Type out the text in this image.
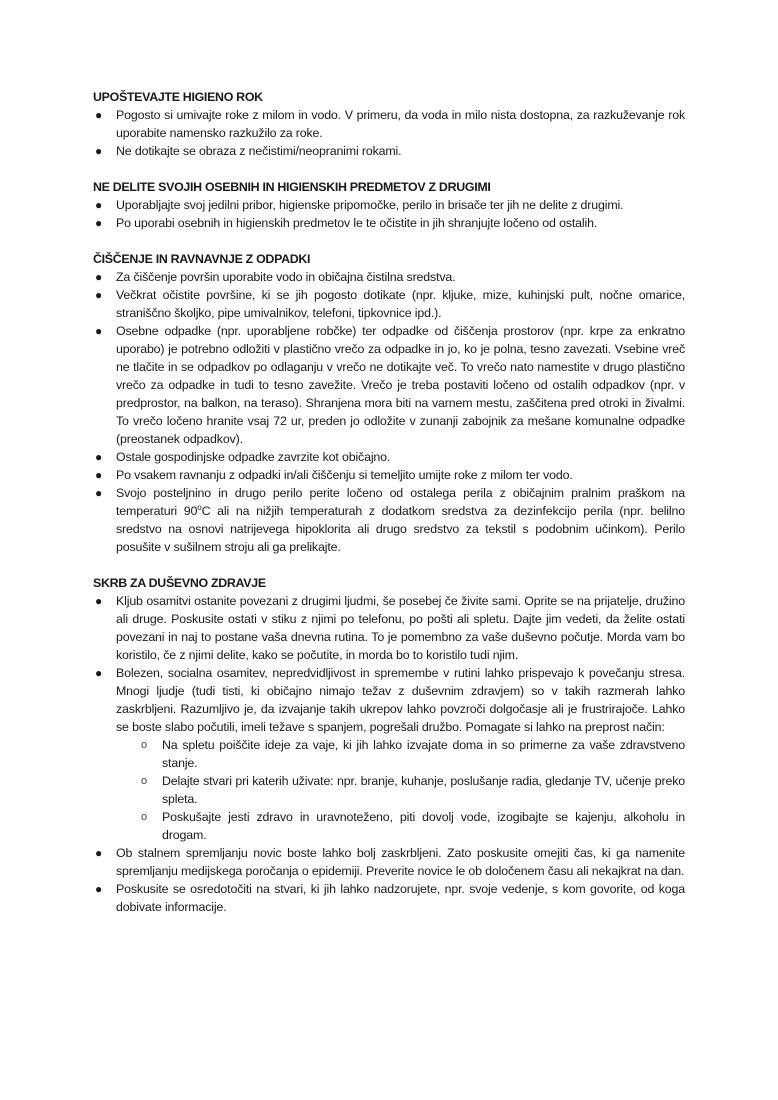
UPOŠTEVAJTE HIGIENO ROK

● Pogosto si umivajte roke z milom in vodo. V primeru, da voda in milo nista dostopna, za razkuževanje rok uporabite namensko razkužilo za roke.
● Ne dotikajte se obraza z nečistimi/neopranimi rokami.

NE DELITE SVOJIH OSEBNIH IN HIGIENSKIH PREDMETOV Z DRUGIMI

● Uporabljajte svoj jedilni pribor, higienske pripomočke, perilo in brisače ter jih ne delite z drugimi.
● Po uporabi osebnih in higienskih predmetov le te očistite in jih shranjujte ločeno od ostalih.

ČIŠČENJE IN RAVNAVNJE Z ODPADKI

● Za čiščenje površin uporabite vodo in običajna čistilna sredstva.
● Večkrat očistite površine, ki se jih pogosto dotikate (npr. kljuke, mize, kuhinjski pult, nočne omarice, straniščno školjko, pipe umivalnikov, telefoni, tipkovnice ipd.).
● Osebne odpadke (npr. uporabljene robčke) ter odpadke od čiščenja prostorov (npr. krpe za enkratno uporabo) je potrebno odložiti v plastično vrečo za odpadke in jo, ko je polna, tesno zavezati. Vsebine vreč ne tlačite in se odpadkov po odlaganju v vrečo ne dotikajte več. To vrečo nato namestite v drugo plastično vrečo za odpadke in tudi to tesno zavežite. Vrečo je treba postaviti ločeno od ostalih odpadkov (npr. v predprostor, na balkon, na teraso). Shranjena mora biti na varnem mestu, zaščitena pred otroki in živalmi. To vrečo ločeno hranite vsaj 72 ur, preden jo odložite v zunanji zabojnik za mešane komunalne odpadke (preostanek odpadkov).
● Ostale gospodinjske odpadke zavrzite kot običajno.
● Po vsakem ravnanju z odpadki in/ali čiščenju si temeljito umijte roke z milom ter vodo.
● Svojo posteljnino in drugo perilo perite ločeno od ostalega perila z običajnim pralnim praškom na temperaturi 90$^o$C ali na nižjih temperaturah z dodatkom sredstva za dezinfekcijo perila (npr. belilno sredstvo na osnovi natrijevega hipoklorita ali drugo sredstvo za tekstil s podobnim učinkom). Perilo posušite v sušilnem stroju ali ga prelikajte.

SKRB ZA DUŠEVNO ZDRAVJE

● Kljub osamitvi ostanite povezani z drugimi ljudmi, še posebej če živite sami. Oprite se na prijatelje, družino ali druge. Poskusite ostati v stiku z njimi po telefonu, po pošti ali spletu. Dajte jim vedeti, da želite ostati povezani in naj to postane vaša dnevna rutina. To je pomembno za vaše duševno počutje. Morda vam bo koristilo, če z njimi delite, kako se počutite, in morda bo to koristilo tudi njim.
● Bolezen, socialna osamitev, nepredvidljivost in spremembe v rutini lahko prispevajo k povečanju stresa. Mnogi ljudje (tudi tisti, ki običajno nimajo težav z duševnim zdravjem) so v takih razmerah lahko zaskrbljeni. Razumljivo je, da izvajanje takih ukrepov lahko povzroči dolgočasje ali je frustrirajoče. Lahko se boste slabo počutili, imeli težave s spanjem, pogrešali družbo. Pomagate si lahko na preprost način:
o Na spletu poiščite ideje za vaje, ki jih lahko izvajate doma in so primerne za vaše zdravstveno stanje.
o Delajte stvari pri katerih uživate: npr. branje, kuhanje, poslušanje radia, gledanje TV, učenje preko spleta.
o Poskušajte jesti zdravo in uravnoteženo, piti dovolj vode, izogibajte se kajenju, alkoholu in drogam.
● Ob stalnem spremljanju novic boste lahko bolj zaskrbljeni. Zato poskusite omejiti čas, ki ga namenite spremljanju medijskega poročanja o epidemiji. Preverite novice le ob določenem času ali nekajkrat na dan.
● Poskusite se osredotočiti na stvari, ki jih lahko nadzorujete, npr. svoje vedenje, s kom govorite, od koga dobivate informacije.
